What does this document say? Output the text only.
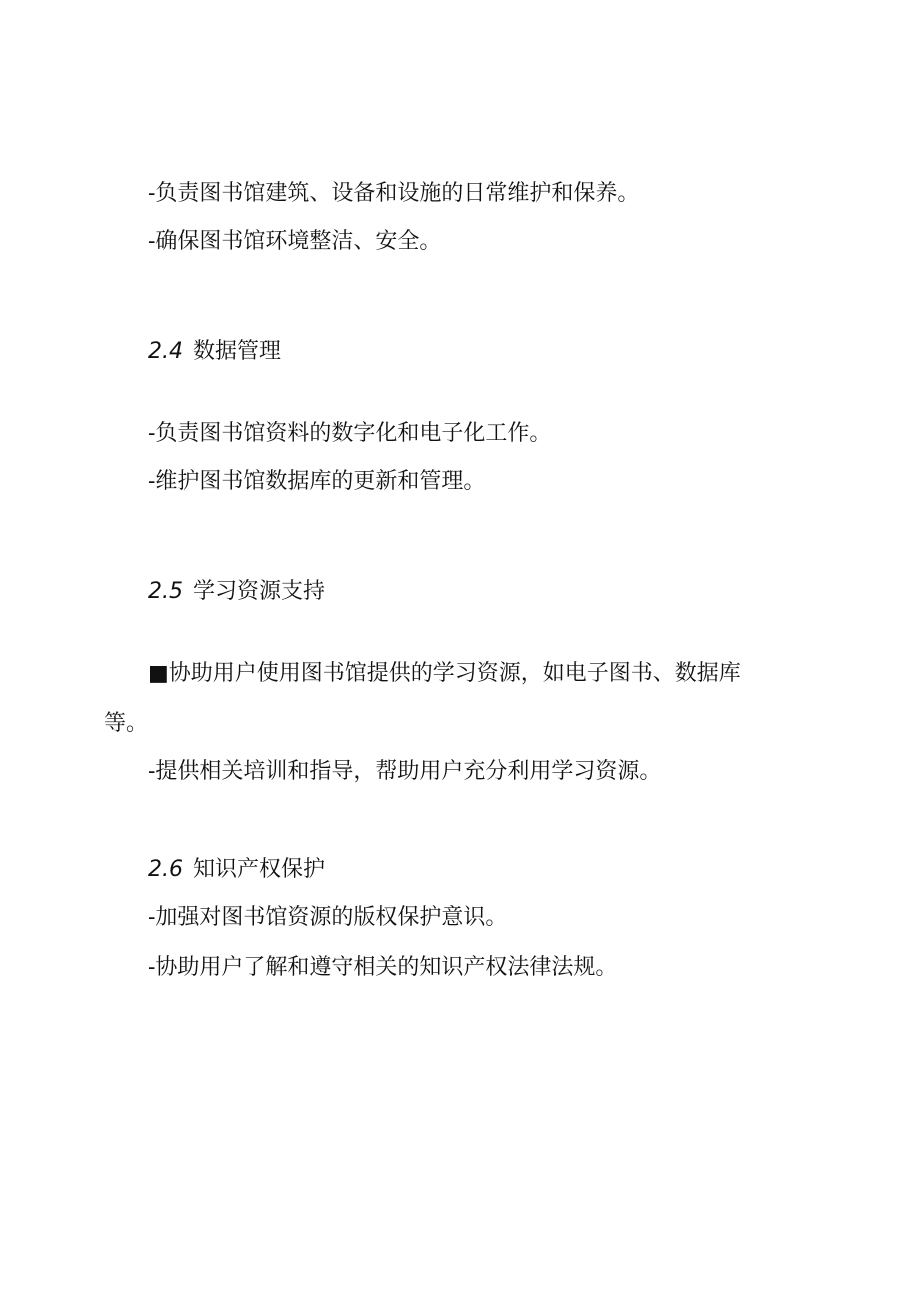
-负责图书馆建筑、设备和设施的日常维护和保养。
-确保图书馆环境整洁、安全。
2.4 数据管理
-负责图书馆资料的数字化和电子化工作。
-维护图书馆数据库的更新和管理。
2.5 学习资源支持
■协助用户使用图书馆提供的学习资源，如电子图书、数据库
等。
-提供相关培训和指导，帮助用户充分利用学习资源。
2.6 知识产权保护
-加强对图书馆资源的版权保护意识。
-协助用户了解和遵守相关的知识产权法律法规。
